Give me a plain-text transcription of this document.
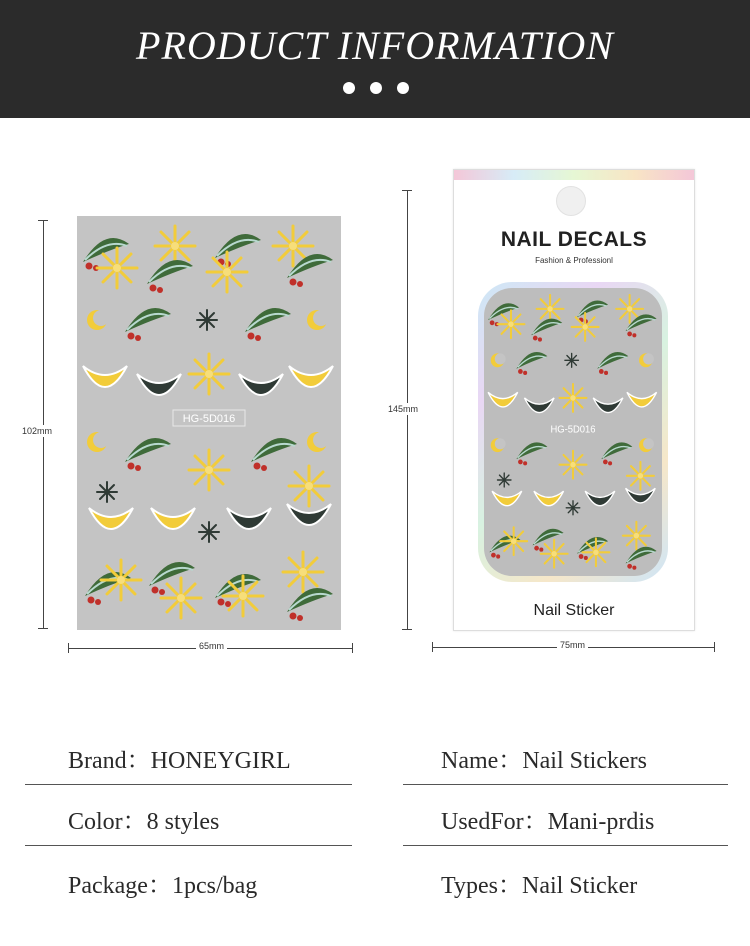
PRODUCT INFORMATION
102mm
HG-5D016
65mm
145mm
NAIL DECALS
Fashion & Professionl
HG-5D016
Nail Sticker
75mm
Brand：HONEYGIRL
Color：8 styles
Package：1pcs/bag
Name：Nail Stickers
UsedFor：Mani-prdis
Types：Nail Sticker
